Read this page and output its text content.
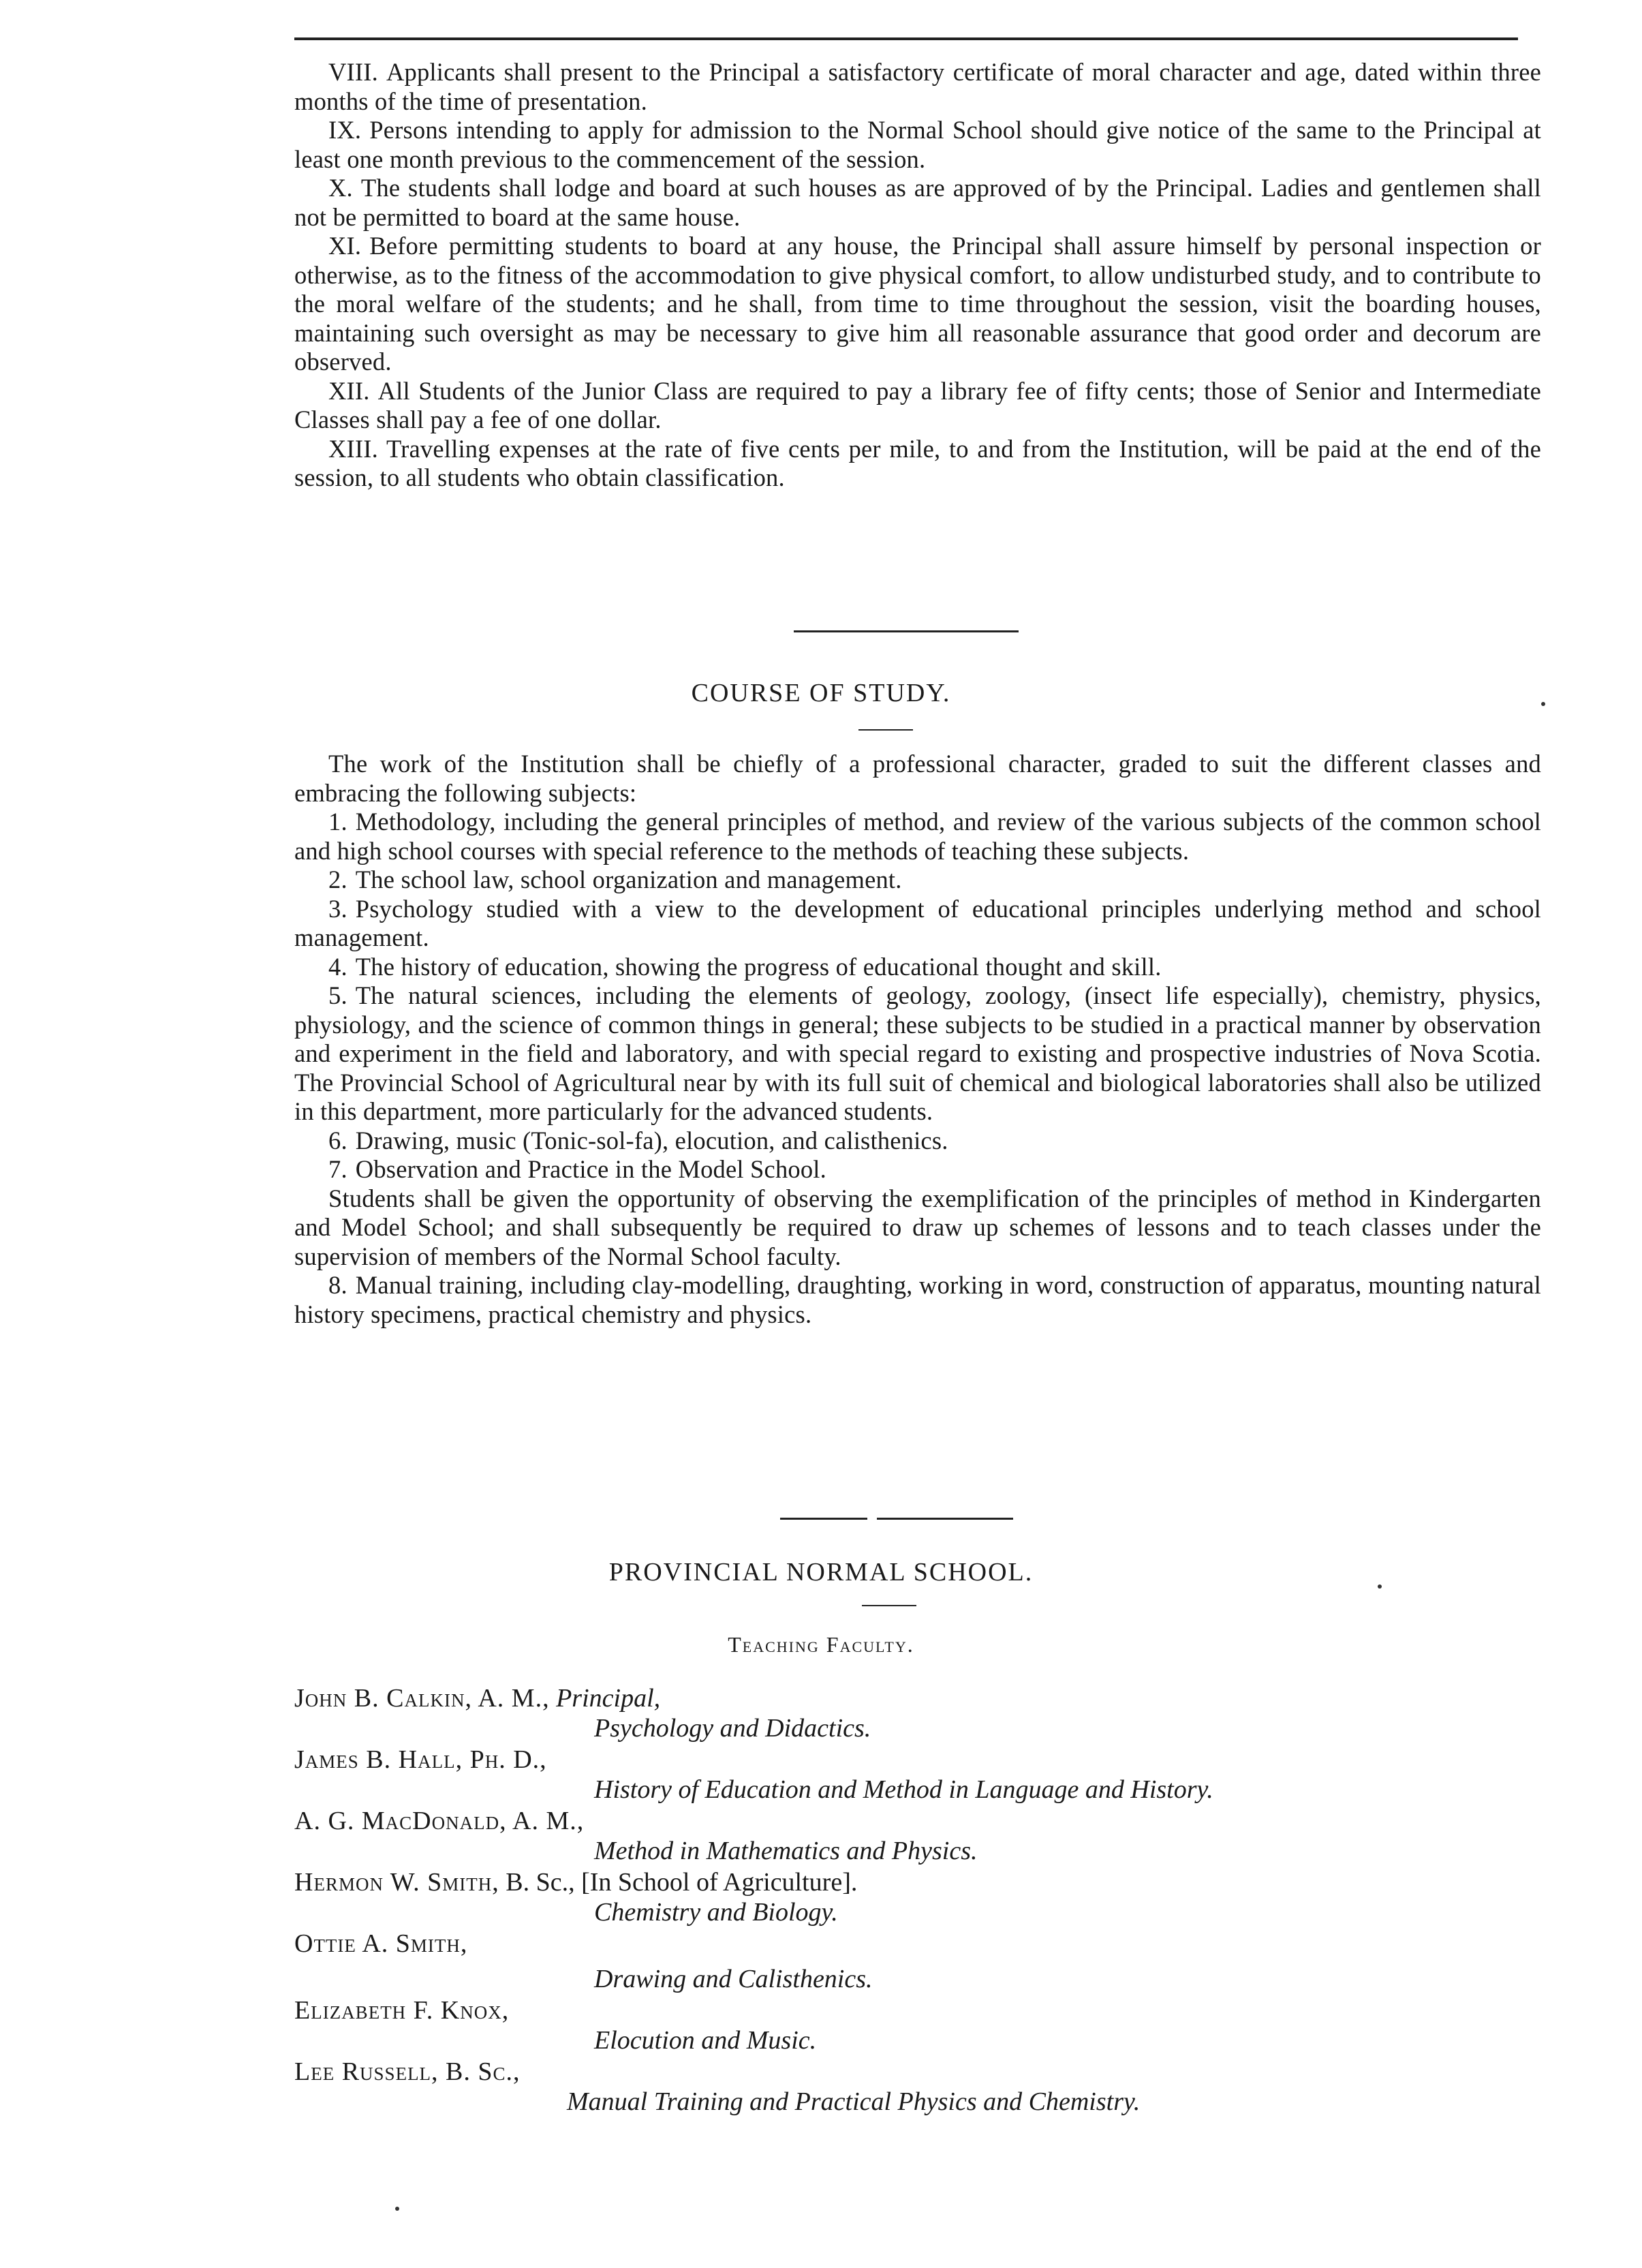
VIII. Applicants shall present to the Principal a satisfactory certificate of moral character and age, dated within three months of the time of presentation.

IX. Persons intending to apply for admission to the Normal School should give notice of the same to the Principal at least one month previous to the commencement of the session.

X. The students shall lodge and board at such houses as are approved of by the Principal. Ladies and gentlemen shall not be permitted to board at the same house.

XI. Before permitting students to board at any house, the Principal shall assure himself by personal inspection or otherwise, as to the fitness of the accommodation to give physical comfort, to allow undisturbed study, and to contribute to the moral welfare of the students; and he shall, from time to time throughout the session, visit the boarding houses, maintaining such oversight as may be necessary to give him all reasonable assurance that good order and decorum are observed.

XII. All Students of the Junior Class are required to pay a library fee of fifty cents; those of Senior and Intermediate Classes shall pay a fee of one dollar.

XIII. Travelling expenses at the rate of five cents per mile, to and from the Institution, will be paid at the end of the session, to all students who obtain classification.

COURSE OF STUDY.

The work of the Institution shall be chiefly of a professional character, graded to suit the different classes and embracing the following subjects:

1. Methodology, including the general principles of method, and review of the various subjects of the common school and high school courses with special reference to the methods of teaching these subjects.

2. The school law, school organization and management.

3. Psychology studied with a view to the development of educational principles underlying method and school management.

4. The history of education, showing the progress of educational thought and skill.

5. The natural sciences, including the elements of geology, zoology, (insect life especially), chemistry, physics, physiology, and the science of common things in general; these subjects to be studied in a practical manner by observation and experiment in the field and laboratory, and with special regard to existing and prospective industries of Nova Scotia. The Provincial School of Agricultural near by with its full suit of chemical and biological laboratories shall also be utilized in this department, more particularly for the advanced students.

6. Drawing, music (Tonic-sol-fa), elocution, and calisthenics.

7. Observation and Practice in the Model School.

Students shall be given the opportunity of observing the exemplification of the principles of method in Kindergarten and Model School; and shall subsequently be required to draw up schemes of lessons and to teach classes under the supervision of members of the Normal School faculty.

8. Manual training, including clay-modelling, draughting, working in word, construction of apparatus, mounting natural history specimens, practical chemistry and physics.

PROVINCIAL NORMAL SCHOOL.
Teaching Faculty.
John B. Calkin, A. M., Principal,
Psychology and Didactics.
James B. Hall, Ph. D.,
History of Education and Method in Language and History.
A. G. MacDonald, A. M.,
Method in Mathematics and Physics.
Hermon W. Smith, B. Sc., [In School of Agriculture].
Chemistry and Biology.
Ottie A. Smith,
Drawing and Calisthenics.
Elizabeth F. Knox,
Elocution and Music.
Lee Russell, B. Sc.,
Manual Training and Practical Physics and Chemistry.
